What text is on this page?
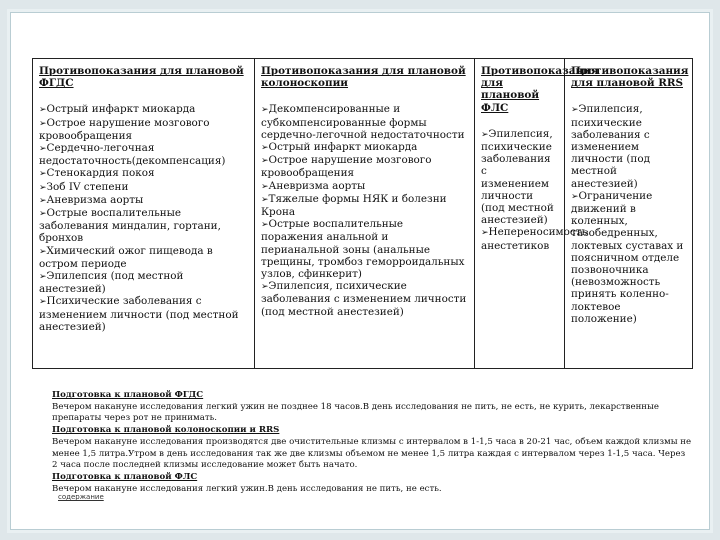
Противопоказания для плановой ФГДС
➢Острый инфаркт миокарда
➢Острое нарушение мозгового кровообращения
➢Сердечно-легочная недостаточность(декомпенсация)
➢Стенокардия покоя
➢Зоб IV степени
➢Аневризма аорты
➢Острые воспалительные заболевания миндалин, гортани, бронхов
➢Химический ожог пищевода в остром периоде
➢Эпилепсия (под местной анестезией)
➢Психические заболевания с изменением личности (под местной анестезией)

Противопоказания для плановой колоноскопии
➢Декомпенсированные и субкомпенсированные формы сердечно-легочной недостаточности
➢Острый инфаркт миокарда
➢Острое нарушение мозгового кровообращения
➢Аневризма аорты
➢Тяжелые формы НЯК и болезни Крона
➢Острые воспалительные поражения анальной и перианальной зоны (анальные трещины, тромбоз геморроидальных узлов, сфинкерит)
➢Эпилепсия, психические заболевания с изменением личности (под местной анестезией)

Противопоказания для плановой ФЛС
➢Эпилепсия, психические заболевания с изменением личности (под местной анестезией)
➢Непереносимость анестетиков

Противопоказания для плановой RRS
➢Эпилепсия, психические заболевания с изменением личности (под местной анестезией)
➢Ограничение движений в коленных, тазобедренных, локтевых суставах и поясничном отделе позвоночника (невозможность принять коленно-локтевое положение)
Подготовка к плановой ФГДС
Вечером накануне исследования легкий ужин не позднее 18 часов.В день исследования не пить, не есть, не курить, лекарственные препараты через рот не принимать.
Подготовка к плановой колоноскопии и RRS
Вечером накануне исследования производятся две очистительные клизмы с интервалом в 1-1,5 часа в 20-21 час, объем каждой клизмы не менее 1,5 литра.Утром в день исследования так же две клизмы объемом не менее 1,5 литра каждая с интервалом через 1-1,5 часа. Через 2 часа после последней клизмы исследование может быть начато.
Подготовка к плановой ФЛС
Вечером накануне исследования легкий ужин.В день исследования не пить, не есть.
содержание
